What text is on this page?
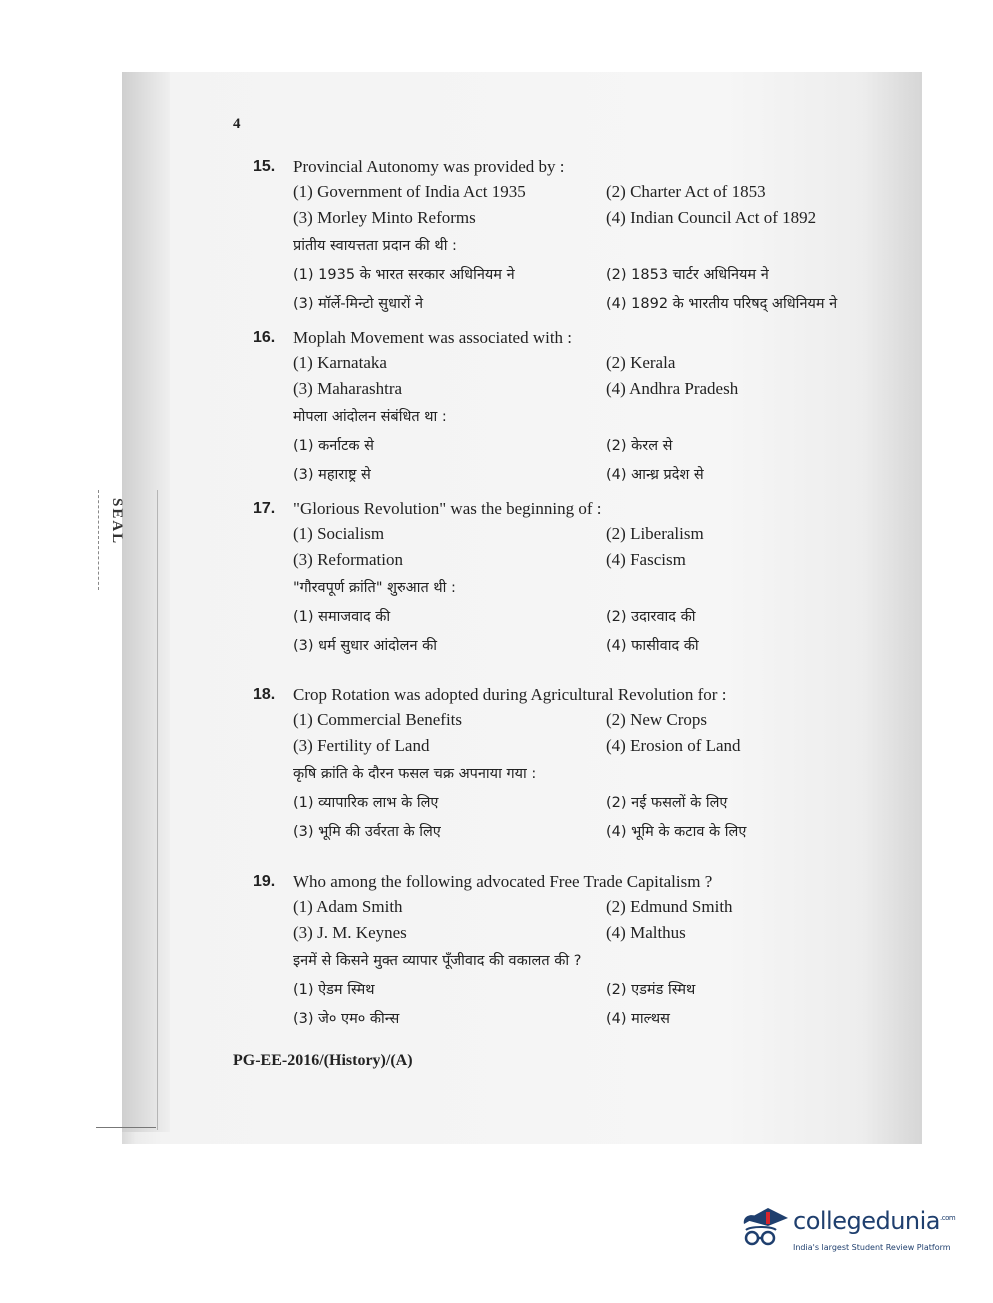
SEAL
4
15.	Provincial Autonomy was provided by :
(1) Government of India Act 1935	(2) Charter Act of 1853
(3) Morley Minto Reforms	(4) Indian Council Act of 1892
प्रांतीय स्वायत्तता प्रदान की थी :
(1) 1935 के भारत सरकार अधिनियम ने	(2) 1853 चार्टर अधिनियम ने
(3) मॉर्ले-मिन्टो सुधारों ने	(4) 1892 के भारतीय परिषद् अधिनियम ने
16.	Moplah Movement was associated with :
(1) Karnataka	(2) Kerala
(3) Maharashtra	(4) Andhra Pradesh
मोपला आंदोलन संबंधित था :
(1) कर्नाटक से	(2) केरल से
(3) महाराष्ट्र से	(4) आन्ध्र प्रदेश से
17.	"Glorious Revolution" was the beginning of :
(1) Socialism	(2) Liberalism
(3) Reformation	(4) Fascism
"गौरवपूर्ण क्रांति" शुरुआत थी :
(1) समाजवाद की	(2) उदारवाद की
(3) धर्म सुधार आंदोलन की	(4) फासीवाद की
18.	Crop Rotation was adopted during Agricultural Revolution for :
(1) Commercial Benefits	(2) New Crops
(3) Fertility of Land	(4) Erosion of Land
कृषि क्रांति के दौरन फसल चक्र अपनाया गया :
(1) व्यापारिक लाभ के लिए	(2) नई फसलों के लिए
(3) भूमि की उर्वरता के लिए	(4) भूमि के कटाव के लिए
19.	Who among the following advocated Free Trade Capitalism ?
(1) Adam Smith	(2) Edmund Smith
(3) J. M. Keynes	(4) Malthus
इनमें से किसने मुक्त व्यापार पूँजीवाद की वकालत की ?
(1) ऐडम स्मिथ	(2) एडमंड स्मिथ
(3) जे० एम० कीन्स	(4) माल्थस
PG-EE-2016/(History)/(A)
collegedunia$^{.com}$
India's largest Student Review Platform
